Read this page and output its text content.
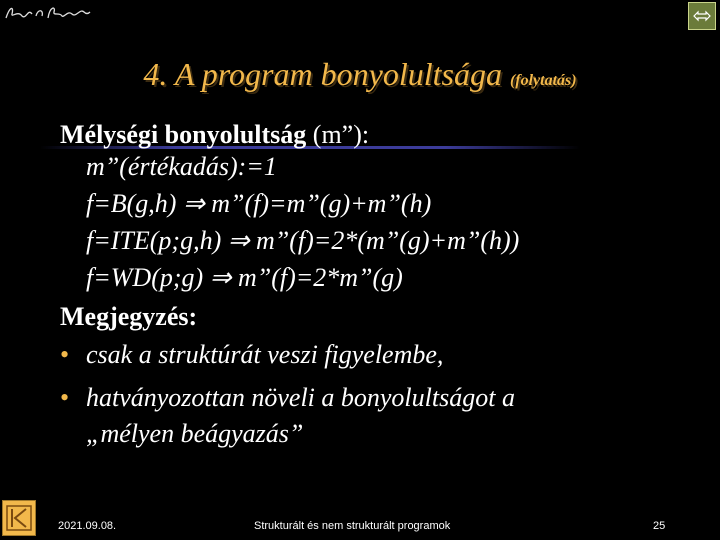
4. A program bonyolultsága (folytatás)
Mélységi bonyolultság (m”):
m”(értékadás):=1
f=B(g,h) ⇒ m”(f)=m”(g)+m”(h)
f=ITE(p;g,h) ⇒ m”(f)=2*(m”(g)+m”(h))
f=WD(p;g) ⇒ m”(f)=2*m”(g)
Megjegyzés:
• csak a struktúrát veszi figyelembe,
• hatványozottan növeli a bonyolultságot a
„mélyen beágyazás”
2021.09.08.	Strukturált és nem strukturált programok	25
